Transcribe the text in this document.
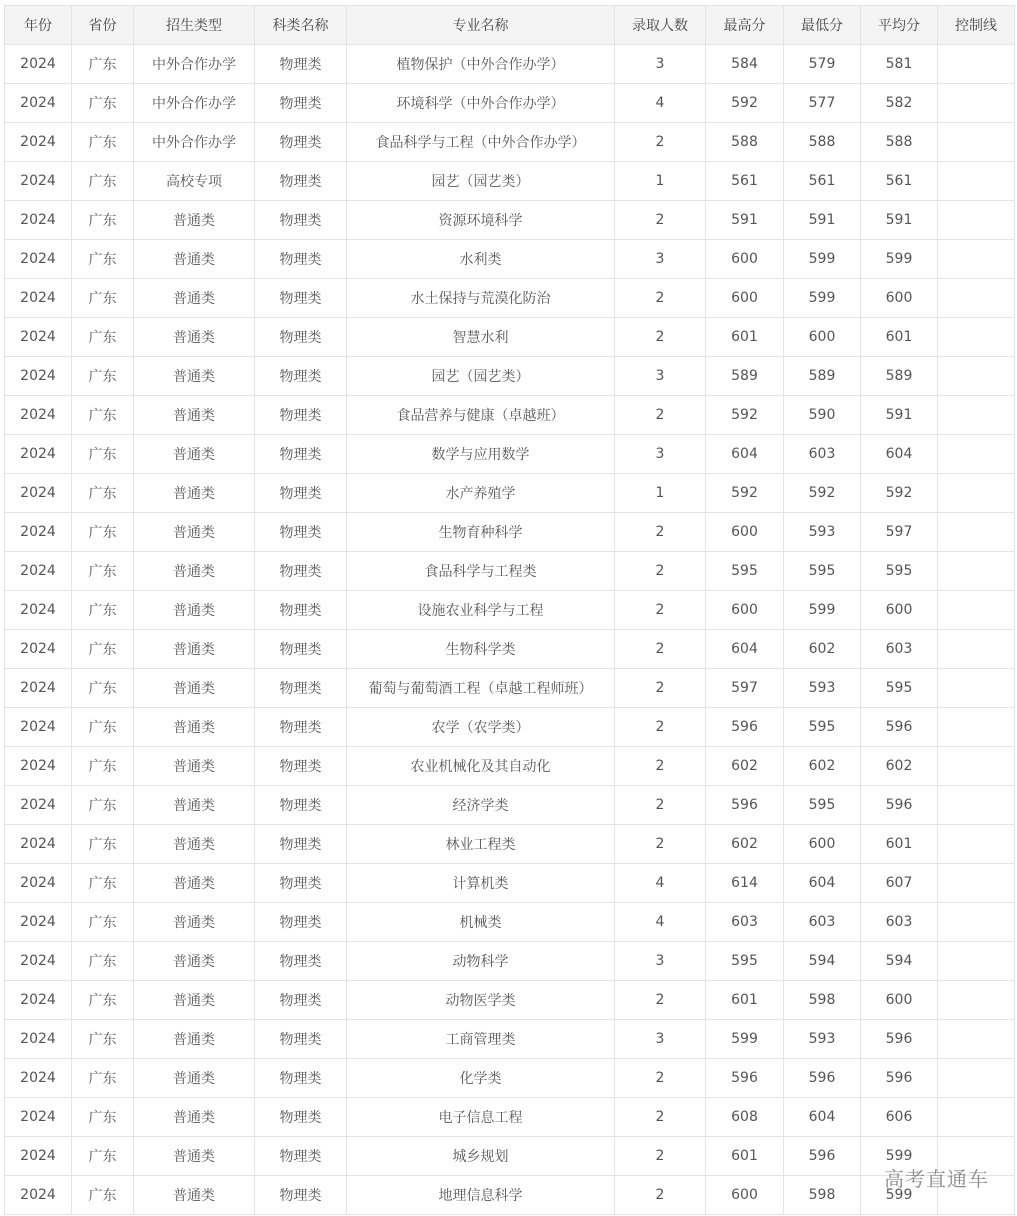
年份	省份	招生类型	科类名称	专业名称	录取人数	最高分	最低分	平均分	控制线
2024	广东	中外合作办学	物理类	植物保护（中外合作办学）	3	584	579	581	
2024	广东	中外合作办学	物理类	环境科学（中外合作办学）	4	592	577	582	
2024	广东	中外合作办学	物理类	食品科学与工程（中外合作办学）	2	588	588	588	
2024	广东	高校专项	物理类	园艺（园艺类）	1	561	561	561	
2024	广东	普通类	物理类	资源环境科学	2	591	591	591	
2024	广东	普通类	物理类	水利类	3	600	599	599	
2024	广东	普通类	物理类	水土保持与荒漠化防治	2	600	599	600	
2024	广东	普通类	物理类	智慧水利	2	601	600	601	
2024	广东	普通类	物理类	园艺（园艺类）	3	589	589	589	
2024	广东	普通类	物理类	食品营养与健康（卓越班）	2	592	590	591	
2024	广东	普通类	物理类	数学与应用数学	3	604	603	604	
2024	广东	普通类	物理类	水产养殖学	1	592	592	592	
2024	广东	普通类	物理类	生物育种科学	2	600	593	597	
2024	广东	普通类	物理类	食品科学与工程类	2	595	595	595	
2024	广东	普通类	物理类	设施农业科学与工程	2	600	599	600	
2024	广东	普通类	物理类	生物科学类	2	604	602	603	
2024	广东	普通类	物理类	葡萄与葡萄酒工程（卓越工程师班）	2	597	593	595	
2024	广东	普通类	物理类	农学（农学类）	2	596	595	596	
2024	广东	普通类	物理类	农业机械化及其自动化	2	602	602	602	
2024	广东	普通类	物理类	经济学类	2	596	595	596	
2024	广东	普通类	物理类	林业工程类	2	602	600	601	
2024	广东	普通类	物理类	计算机类	4	614	604	607	
2024	广东	普通类	物理类	机械类	4	603	603	603	
2024	广东	普通类	物理类	动物科学	3	595	594	594	
2024	广东	普通类	物理类	动物医学类	2	601	598	600	
2024	广东	普通类	物理类	工商管理类	3	599	593	596	
2024	广东	普通类	物理类	化学类	2	596	596	596	
2024	广东	普通类	物理类	电子信息工程	2	608	604	606	
2024	广东	普通类	物理类	城乡规划	2	601	596	599	
2024	广东	普通类	物理类	地理信息科学	2	600	598	599	
高考直通车
